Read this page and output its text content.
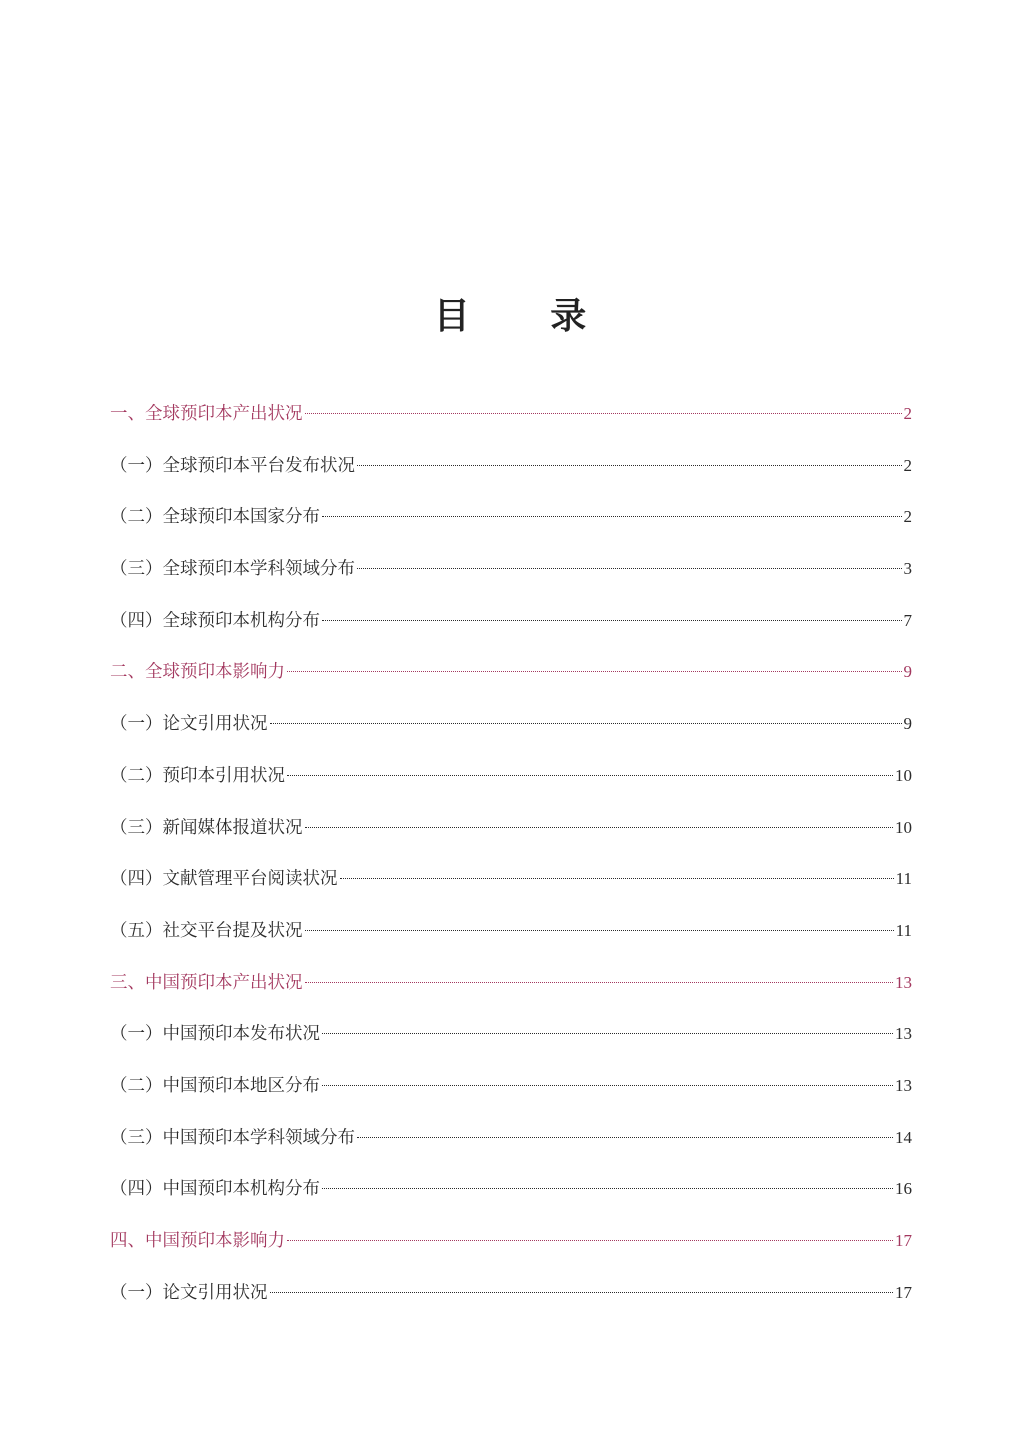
目 录
一、全球预印本产出状况	2
（一）全球预印本平台发布状况	2
（二）全球预印本国家分布	2
（三）全球预印本学科领域分布	3
（四）全球预印本机构分布	7
二、全球预印本影响力	9
（一）论文引用状况	9
（二）预印本引用状况	10
（三）新闻媒体报道状况	10
（四）文献管理平台阅读状况	11
（五）社交平台提及状况	11
三、中国预印本产出状况	13
（一）中国预印本发布状况	13
（二）中国预印本地区分布	13
（三）中国预印本学科领域分布	14
（四）中国预印本机构分布	16
四、中国预印本影响力	17
（一）论文引用状况	17
